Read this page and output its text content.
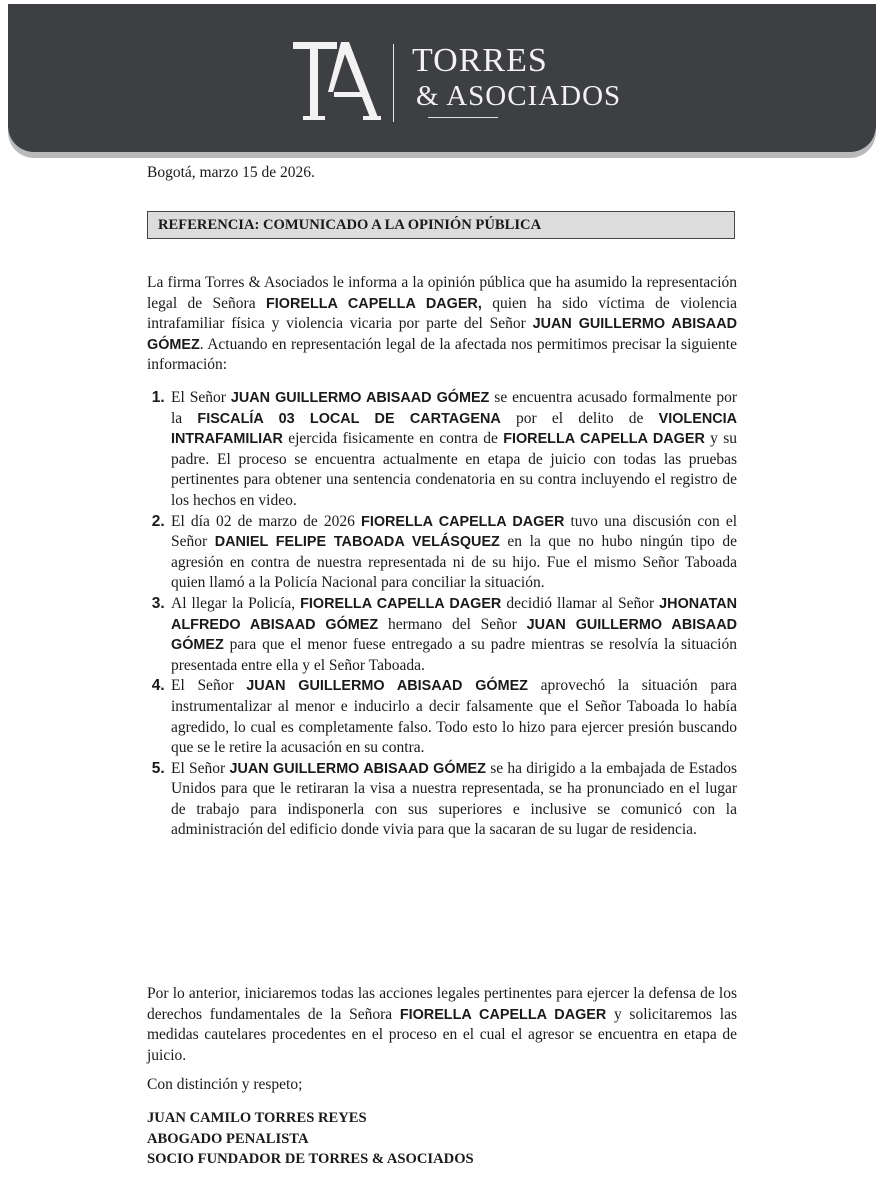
TORRES
& ASOCIADOS
Bogotá, marzo 15 de 2026.
REFERENCIA: COMUNICADO A LA OPINIÓN PÚBLICA

La firma Torres & Asociados le informa a la opinión pública que ha asumido la representación legal de Señora FIORELLA CAPELLA DAGER, quien ha sido víctima de violencia intrafamiliar física y violencia vicaria por parte del Señor JUAN GUILLERMO ABISAAD GÓMEZ. Actuando en representación legal de la afectada nos permitimos precisar la siguiente información:

1. El Señor JUAN GUILLERMO ABISAAD GÓMEZ se encuentra acusado formalmente por la FISCALÍA 03 LOCAL DE CARTAGENA por el delito de VIOLENCIA INTRAFAMILIAR ejercida fisicamente en contra de FIORELLA CAPELLA DAGER y su padre. El proceso se encuentra actualmente en etapa de juicio con todas las pruebas pertinentes para obtener una sentencia condenatoria en su contra incluyendo el registro de los hechos en video.
2. El día 02 de marzo de 2026 FIORELLA CAPELLA DAGER tuvo una discusión con el Señor DANIEL FELIPE TABOADA VELÁSQUEZ en la que no hubo ningún tipo de agresión en contra de nuestra representada ni de su hijo. Fue el mismo Señor Taboada quien llamó a la Policía Nacional para conciliar la situación.
3. Al llegar la Policía, FIORELLA CAPELLA DAGER decidió llamar al Señor JHONATAN ALFREDO ABISAAD GÓMEZ hermano del Señor JUAN GUILLERMO ABISAAD GÓMEZ para que el menor fuese entregado a su padre mientras se resolvía la situación presentada entre ella y el Señor Taboada.
4. El Señor JUAN GUILLERMO ABISAAD GÓMEZ aprovechó la situación para instrumentalizar al menor e inducirlo a decir falsamente que el Señor Taboada lo había agredido, lo cual es completamente falso. Todo esto lo hizo para ejercer presión buscando que se le retire la acusación en su contra.
5. El Señor JUAN GUILLERMO ABISAAD GÓMEZ se ha dirigido a la embajada de Estados Unidos para que le retiraran la visa a nuestra representada, se ha pronunciado en el lugar de trabajo para indisponerla con sus superiores e inclusive se comunicó con la administración del edificio donde vivia para que la sacaran de su lugar de residencia.

Por lo anterior, iniciaremos todas las acciones legales pertinentes para ejercer la defensa de los derechos fundamentales de la Señora FIORELLA CAPELLA DAGER y solicitaremos las medidas cautelares procedentes en el proceso en el cual el agresor se encuentra en etapa de juicio.

Con distinción y respeto;
JUAN CAMILO TORRES REYES
ABOGADO PENALISTA
SOCIO FUNDADOR DE TORRES & ASOCIADOS
